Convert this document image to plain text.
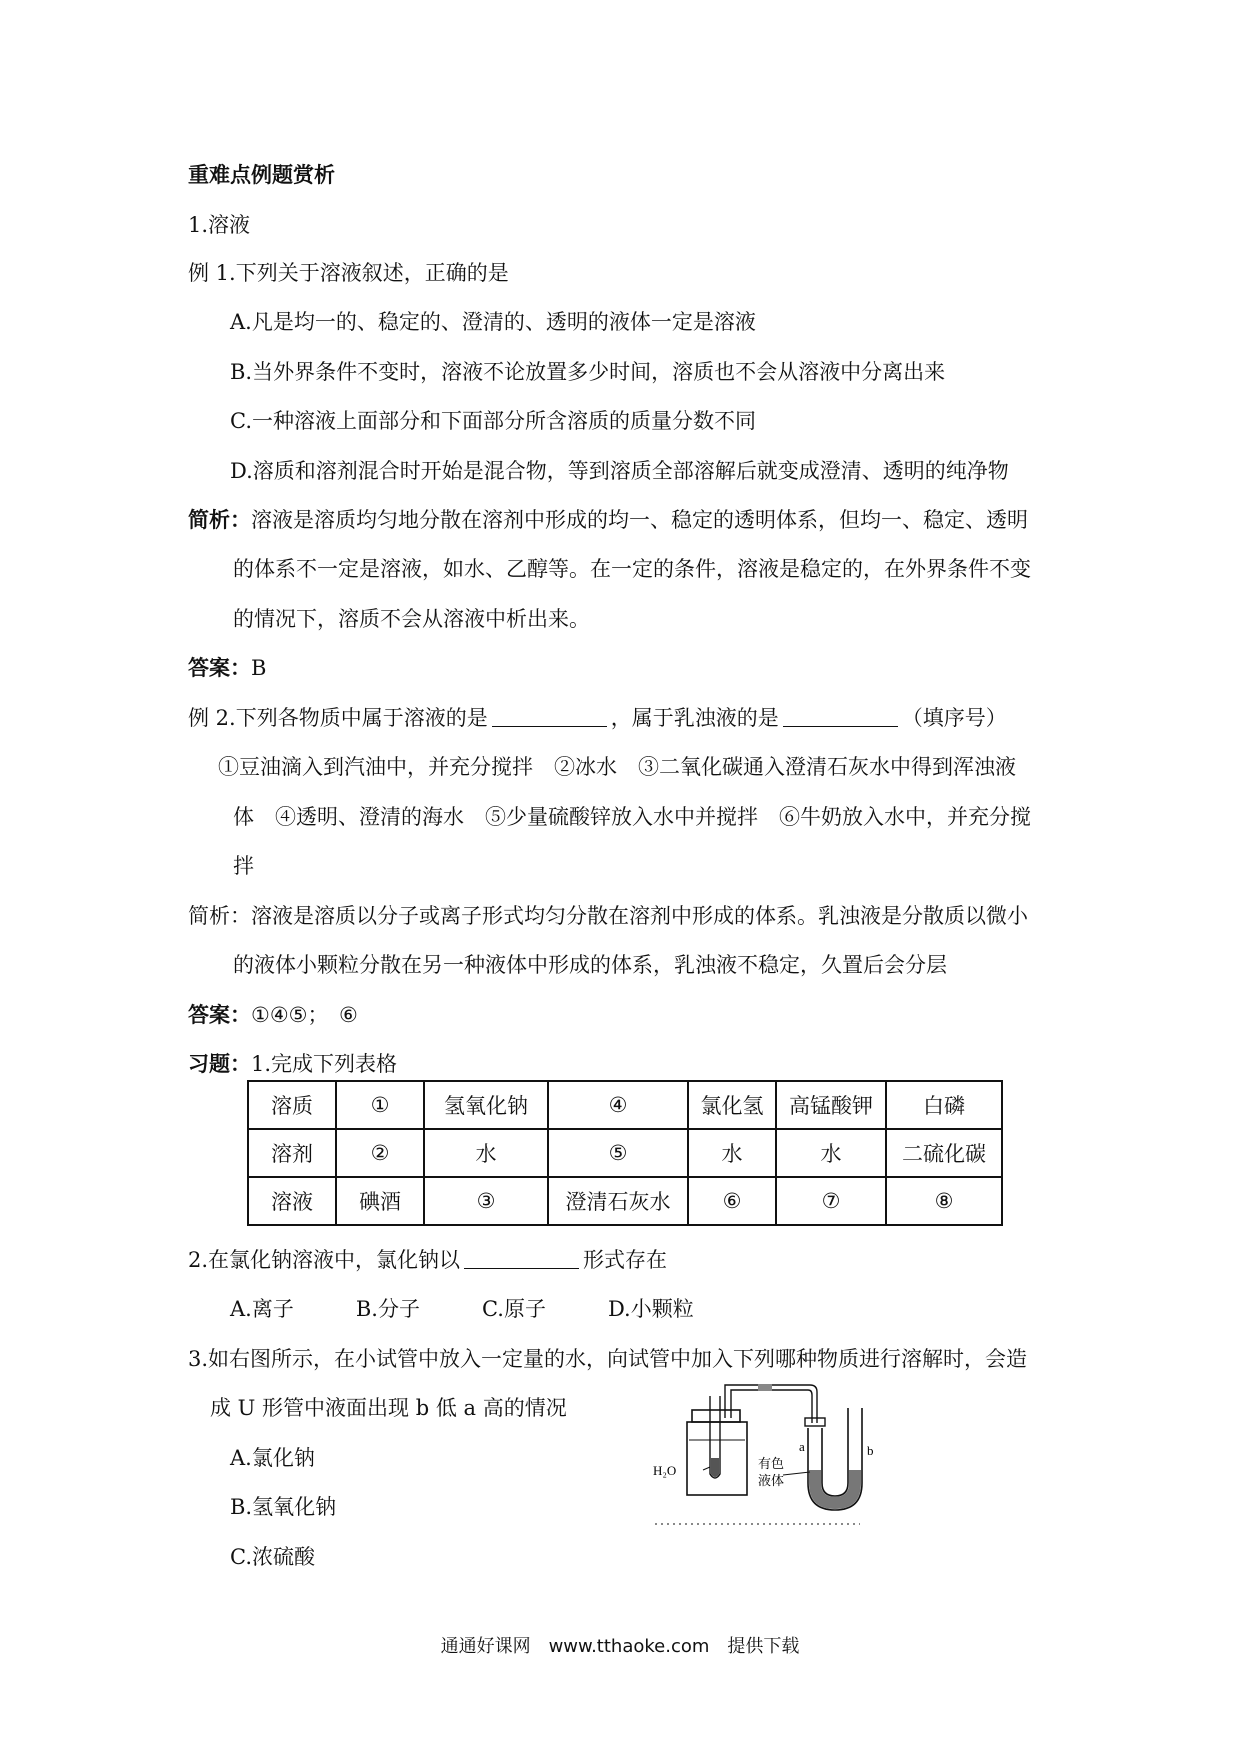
重难点例题赏析
1.溶液
例 1.下列关于溶液叙述，正确的是
A.凡是均一的、稳定的、澄清的、透明的液体一定是溶液
B.当外界条件不变时，溶液不论放置多少时间，溶质也不会从溶液中分离出来
C.一种溶液上面部分和下面部分所含溶质的质量分数不同
D.溶质和溶剂混合时开始是混合物，等到溶质全部溶解后就变成澄清、透明的纯净物
简析：溶液是溶质均匀地分散在溶剂中形成的均一、稳定的透明体系，但均一、稳定、透明
的体系不一定是溶液，如水、乙醇等。在一定的条件，溶液是稳定的，在外界条件不变
的情况下，溶质不会从溶液中析出来。
答案：B
例 2.下列各物质中属于溶液的是	，属于乳浊液的是	（填序号）
①豆油滴入到汽油中，并充分搅拌　②冰水　③二氧化碳通入澄清石灰水中得到浑浊液
体　④透明、澄清的海水　⑤少量硫酸锌放入水中并搅拌　⑥牛奶放入水中，并充分搅
拌
简析：溶液是溶质以分子或离子形式均匀分散在溶剂中形成的体系。乳浊液是分散质以微小
的液体小颗粒分散在另一种液体中形成的体系，乳浊液不稳定，久置后会分层
答案：①④⑤；　⑥
习题：1.完成下列表格
溶质	①	氢氧化钠	④	氯化氢	高锰酸钾	白磷
溶剂	②	水	⑤	水	水	二硫化碳
溶液	碘酒	③	澄清石灰水	⑥	⑦	⑧
2.在氯化钠溶液中，氯化钠以	形式存在
A.离子	B.分子	C.原子	D.小颗粒
3.如右图所示，在小试管中放入一定量的水，向试管中加入下列哪种物质进行溶解时，会造
成 U 形管中液面出现 b 低 a 高的情况
A.氯化钠
B.氢氧化钠
C.浓硫酸
H₂O	有色
液体
a	b
通通好课网　www.tthaoke.com　提供下载
